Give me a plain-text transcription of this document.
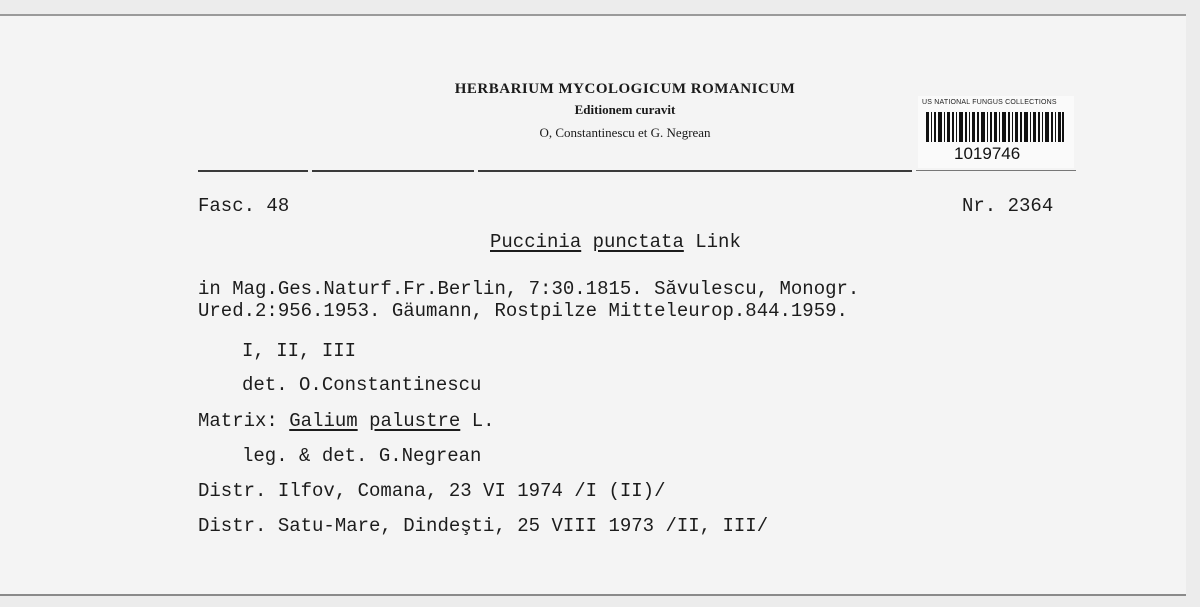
HERBARIUM MYCOLOGICUM ROMANICUM
Editionem curavit
O, Constantinescu et G. Negrean
US NATIONAL FUNGUS COLLECTIONS
1019746
Fasc. 48	Nr. 2364
Puccinia punctata Link
in Mag.Ges.Naturf.Fr.Berlin, 7:30.1815. Săvulescu, Monogr.
Ured.2:956.1953. Gäumann, Rostpilze Mitteleurop.844.1959.
I, II, III
det. O.Constantinescu
Matrix: Galium palustre L.
leg. & det. G.Negrean
Distr. Ilfov, Comana, 23 VI 1974 /I (II)/
Distr. Satu-Mare, Dindeşti, 25 VIII 1973 /II, III/
